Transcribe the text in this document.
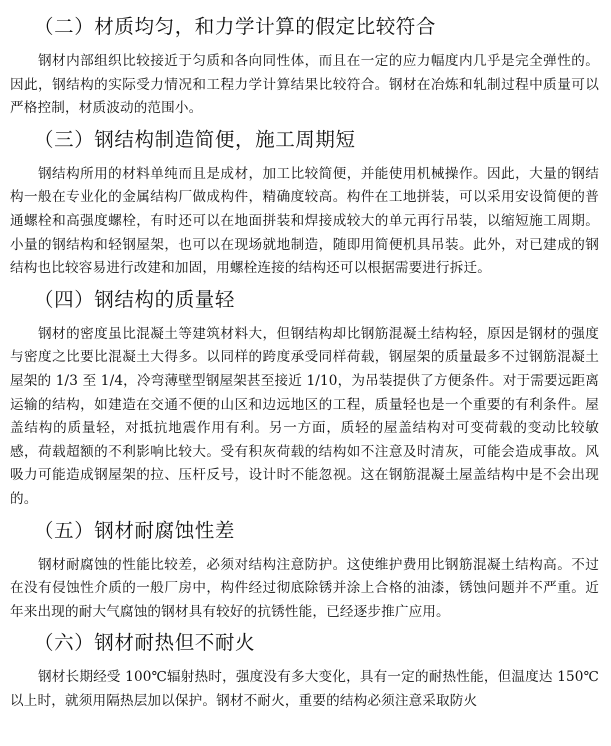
（二）材质均匀，和力学计算的假定比较符合

钢材内部组织比较接近于匀质和各向同性体，而且在一定的应力幅度内几乎是完全弹性的。因此，钢结构的实际受力情况和工程力学计算结果比较符合。钢材在冶炼和轧制过程中质量可以严格控制，材质波动的范围小。

（三）钢结构制造简便，施工周期短

钢结构所用的材料单纯而且是成材，加工比较简便，并能使用机械操作。因此，大量的钢结构一般在专业化的金属结构厂做成构件，精确度较高。构件在工地拼装，可以采用安设简便的普通螺栓和高强度螺栓，有时还可以在地面拼装和焊接成较大的单元再行吊装，以缩短施工周期。小量的钢结构和轻钢屋架，也可以在现场就地制造，随即用简便机具吊装。此外，对已建成的钢结构也比较容易进行改建和加固，用螺栓连接的结构还可以根据需要进行拆迁。

（四）钢结构的质量轻

钢材的密度虽比混凝土等建筑材料大，但钢结构却比钢筋混凝土结构轻，原因是钢材的强度与密度之比要比混凝土大得多。以同样的跨度承受同样荷载，钢屋架的质量最多不过钢筋混凝土屋架的 1/3 至 1/4，冷弯薄壁型钢屋架甚至接近 1/10，为吊装提供了方便条件。对于需要远距离运输的结构，如建造在交通不便的山区和边远地区的工程，质量轻也是一个重要的有利条件。屋盖结构的质量轻，对抵抗地震作用有利。另一方面，质轻的屋盖结构对可变荷载的变动比较敏感，荷载超额的不利影响比较大。受有积灰荷载的结构如不注意及时清灰，可能会造成事故。风吸力可能造成钢屋架的拉、压杆反号，设计时不能忽视。这在钢筋混凝土屋盖结构中是不会出现的。

（五）钢材耐腐蚀性差

钢材耐腐蚀的性能比较差，必须对结构注意防护。这使维护费用比钢筋混凝土结构高。不过在没有侵蚀性介质的一般厂房中，构件经过彻底除锈并涂上合格的油漆，锈蚀问题并不严重。近年来出现的耐大气腐蚀的钢材具有较好的抗锈性能，已经逐步推广应用。

（六）钢材耐热但不耐火

钢材长期经受 100℃辐射热时，强度没有多大变化，具有一定的耐热性能，但温度达 150℃以上时，就须用隔热层加以保护。钢材不耐火，重要的结构必须注意采取防火
